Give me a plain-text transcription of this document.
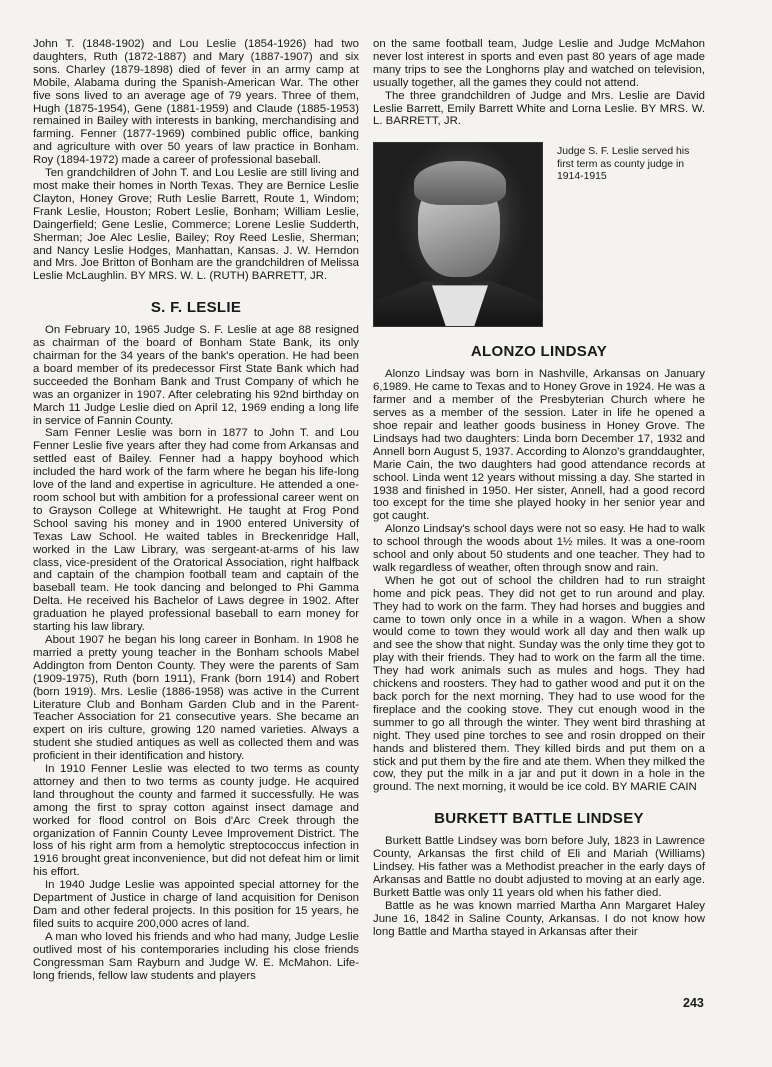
John T. (1848-1902) and Lou Leslie (1854-1926) had two daughters, Ruth (1872-1887) and Mary (1887-1907) and six sons. Charley (1879-1898) died of fever in an army camp at Mobile, Alabama during the Spanish-American War. The other five sons lived to an average age of 79 years. Three of them, Hugh (1875-1954), Gene (1881-1959) and Claude (1885-1953) remained in Bailey with interests in banking, merchandising and farming. Fenner (1877-1969) combined public office, banking and agriculture with over 50 years of law practice in Bonham. Roy (1894-1972) made a career of professional baseball.

Ten grandchildren of John T. and Lou Leslie are still living and most make their homes in North Texas. They are Bernice Leslie Clayton, Honey Grove; Ruth Leslie Barrett, Route 1, Windom; Frank Leslie, Houston; Robert Leslie, Bonham; William Leslie, Daingerfield; Gene Leslie, Commerce; Lorene Leslie Sudderth, Sherman; Joe Alec Leslie, Bailey; Roy Reed Leslie, Sherman; and Nancy Leslie Hodges, Manhattan, Kansas. J. W. Herndon and Mrs. Joe Britton of Bonham are the grandchildren of Melissa Leslie McLaughlin. BY MRS. W. L. (RUTH) BARRETT, JR.

S. F. LESLIE

On February 10, 1965 Judge S. F. Leslie at age 88 resigned as chairman of the board of Bonham State Bank, its only chairman for the 34 years of the bank's operation. He had been a board member of its predecessor First State Bank which had succeeded the Bonham Bank and Trust Company of which he was an organizer in 1907. After celebrating his 92nd birthday on March 11 Judge Leslie died on April 12, 1969 ending a long life in service of Fannin County.

Sam Fenner Leslie was born in 1877 to John T. and Lou Fenner Leslie five years after they had come from Arkansas and settled east of Bailey. Fenner had a happy boyhood which included the hard work of the farm where he began his life-long love of the land and expertise in agriculture. He attended a one-room school but with ambition for a professional career went on to Grayson College at Whitewright. He taught at Frog Pond School saving his money and in 1900 entered University of Texas Law School. He waited tables in Breckenridge Hall, worked in the Law Library, was sergeant-at-arms of his law class, vice-president of the Oratorical Association, right halfback and captain of the champion football team and captain of the baseball team. He took dancing and belonged to Phi Gamma Delta. He received his Bachelor of Laws degree in 1902. After graduation he played professional baseball to earn money for starting his law library.

About 1907 he began his long career in Bonham. In 1908 he married a pretty young teacher in the Bonham schools Mabel Addington from Denton County. They were the parents of Sam (1909-1975), Ruth (born 1911), Frank (born 1914) and Robert (born 1919). Mrs. Leslie (1886-1958) was active in the Current Literature Club and Bonham Garden Club and in the Parent-Teacher Association for 21 consecutive years. She became an expert on iris culture, growing 120 named varieties. Always a student she studied antiques as well as collected them and was proficient in their identification and history.

In 1910 Fenner Leslie was elected to two terms as county attorney and then to two terms as county judge. He acquired land throughout the county and farmed it successfully. He was among the first to spray cotton against insect damage and worked for flood control on Bois d'Arc Creek through the organization of Fannin County Levee Improvement District. The loss of his right arm from a hemolytic streptococcus infection in 1916 brought great inconvenience, but did not defeat him or limit his effort.

In 1940 Judge Leslie was appointed special attorney for the Department of Justice in charge of land acquisition for Denison Dam and other federal projects. In this position for 15 years, he filed suits to acquire 200,000 acres of land.

A man who loved his friends and who had many, Judge Leslie outlived most of his contemporaries including his close friends Congressman Sam Rayburn and Judge W. E. McMahon. Life-long friends, fellow law students and players

on the same football team, Judge Leslie and Judge McMahon never lost interest in sports and even past 80 years of age made many trips to see the Longhorns play and watched on television, usually together, all the games they could not attend.

The three grandchildren of Judge and Mrs. Leslie are David Leslie Barrett, Emily Barrett White and Lorna Leslie. BY MRS. W. L. BARRETT, JR.

Judge S. F. Leslie served his first term as county judge in 1914-1915
ALONZO LINDSAY

Alonzo Lindsay was born in Nashville, Arkansas on January 6,1989. He came to Texas and to Honey Grove in 1924. He was a farmer and a member of the Presbyterian Church where he serves as a member of the session. Later in life he opened a shoe repair and leather goods business in Honey Grove. The Lindsays had two daughters: Linda born December 17, 1932 and Annell born August 5, 1937. According to Alonzo's granddaughter, Marie Cain, the two daughters had good attendance records at school. Linda went 12 years without missing a day. She started in 1938 and finished in 1950. Her sister, Annell, had a good record too except for the time she played hooky in her senior year and got caught.

Alonzo Lindsay's school days were not so easy. He had to walk to school through the woods about 1½ miles. It was a one-room school and only about 50 students and one teacher. They had to walk regardless of weather, often through snow and rain.

When he got out of school the children had to run straight home and pick peas. They did not get to run around and play. They had to work on the farm. They had horses and buggies and came to town only once in a while in a wagon. When a show would come to town they would work all day and then walk up and see the show that night. Sunday was the only time they got to play with their friends. They had to work on the farm all the time. They had work animals such as mules and hogs. They had chickens and roosters. They had to gather wood and put it on the back porch for the next morning. They had to use wood for the fireplace and the cooking stove. They cut enough wood in the summer to go all through the winter. They went bird thrashing at night. They used pine torches to see and rosin dropped on their hands and blistered them. They killed birds and put them on a stick and put them by the fire and ate them. When they milked the cow, they put the milk in a jar and put it down in a hole in the ground. The next morning, it would be ice cold. BY MARIE CAIN

BURKETT BATTLE LINDSEY

Burkett Battle Lindsey was born before July, 1823 in Lawrence County, Arkansas the first child of Eli and Mariah (Williams) Lindsey. His father was a Methodist preacher in the early days of Arkansas and Battle no doubt adjusted to moving at an early age. Burkett Battle was only 11 years old when his father died.

Battle as he was known married Martha Ann Margaret Haley June 16, 1842 in Saline County, Arkansas. I do not know how long Battle and Martha stayed in Arkansas after their

243
